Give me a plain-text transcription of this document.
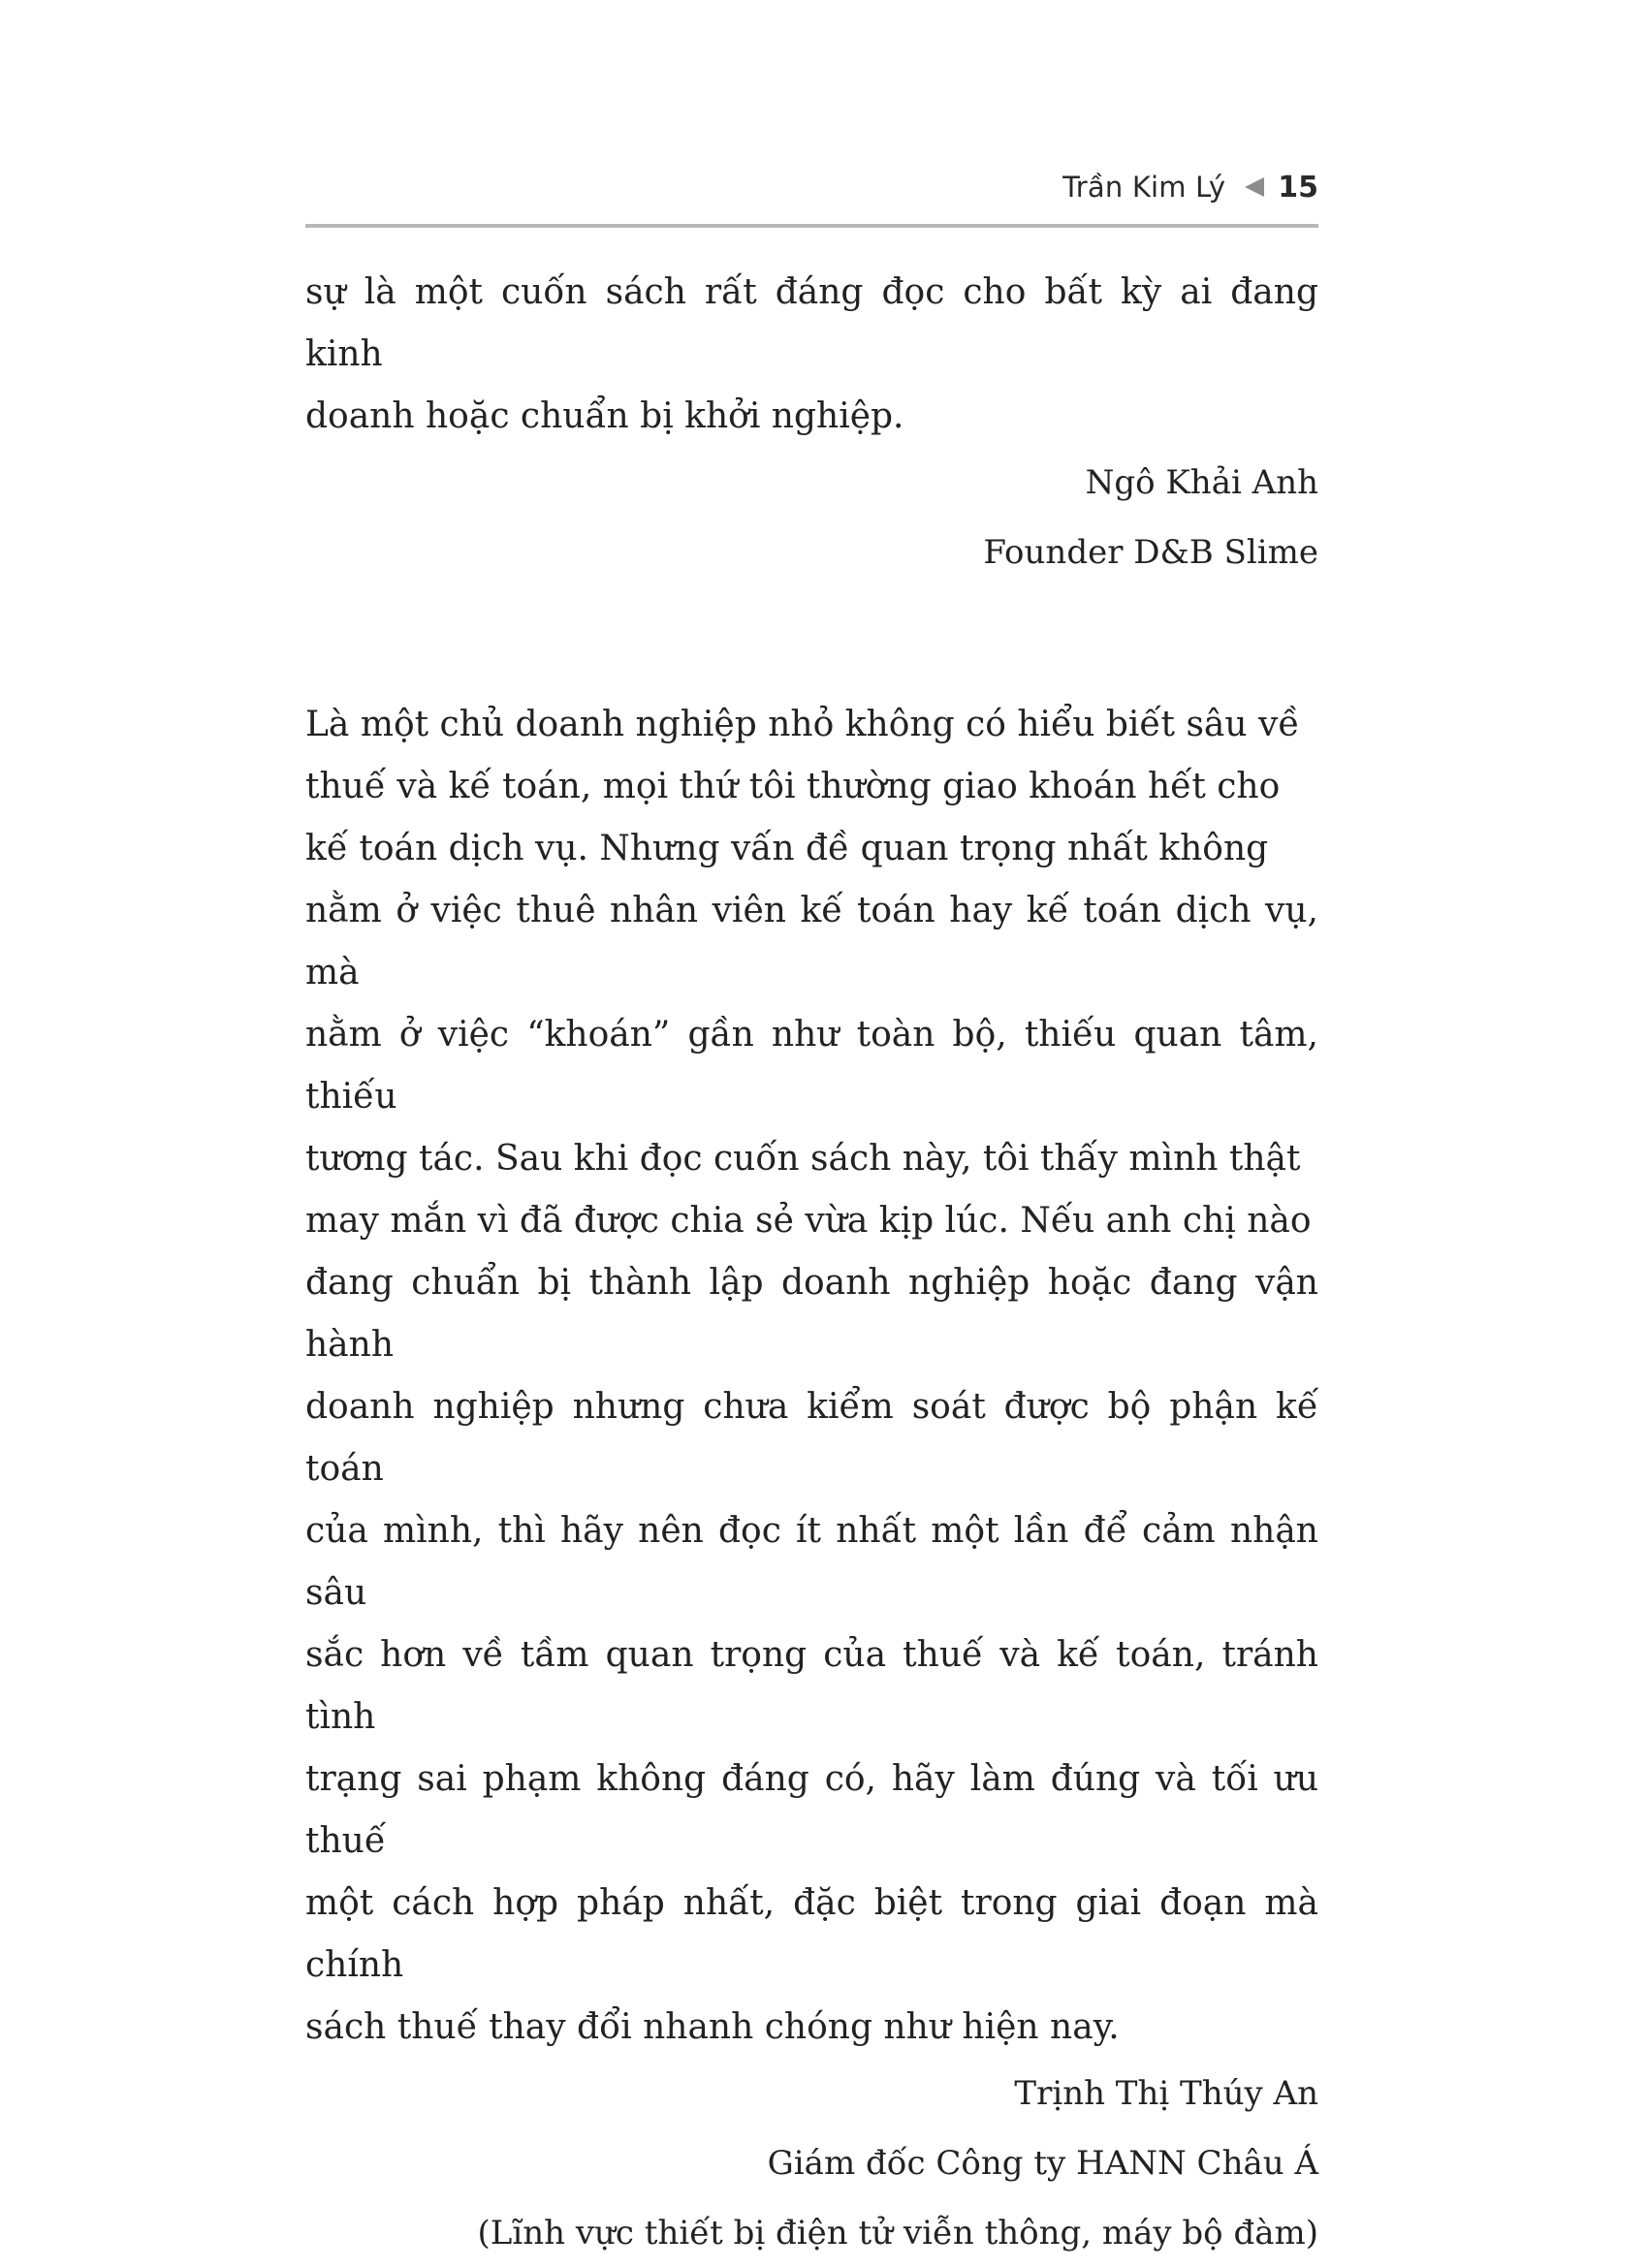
Trần Kim Lý 15

sự là một cuốn sách rất đáng đọc cho bất kỳ ai đang kinh
doanh hoặc chuẩn bị khởi nghiệp.

Ngô Khải Anh

Founder D&B Slime

Là một chủ doanh nghiệp nhỏ không có hiểu biết sâu về
thuế và kế toán, mọi thứ tôi thường giao khoán hết cho
kế toán dịch vụ. Nhưng vấn đề quan trọng nhất không
nằm ở việc thuê nhân viên kế toán hay kế toán dịch vụ, mà
nằm ở việc “khoán” gần như toàn bộ, thiếu quan tâm, thiếu
tương tác. Sau khi đọc cuốn sách này, tôi thấy mình thật
may mắn vì đã được chia sẻ vừa kịp lúc. Nếu anh chị nào
đang chuẩn bị thành lập doanh nghiệp hoặc đang vận hành
doanh nghiệp nhưng chưa kiểm soát được bộ phận kế toán
của mình, thì hãy nên đọc ít nhất một lần để cảm nhận sâu
sắc hơn về tầm quan trọng của thuế và kế toán, tránh tình
trạng sai phạm không đáng có, hãy làm đúng và tối ưu thuế
một cách hợp pháp nhất, đặc biệt trong giai đoạn mà chính
sách thuế thay đổi nhanh chóng như hiện nay.

Trịnh Thị Thúy An

Giám đốc Công ty HANN Châu Á

(Lĩnh vực thiết bị điện tử viễn thông, máy bộ đàm)
